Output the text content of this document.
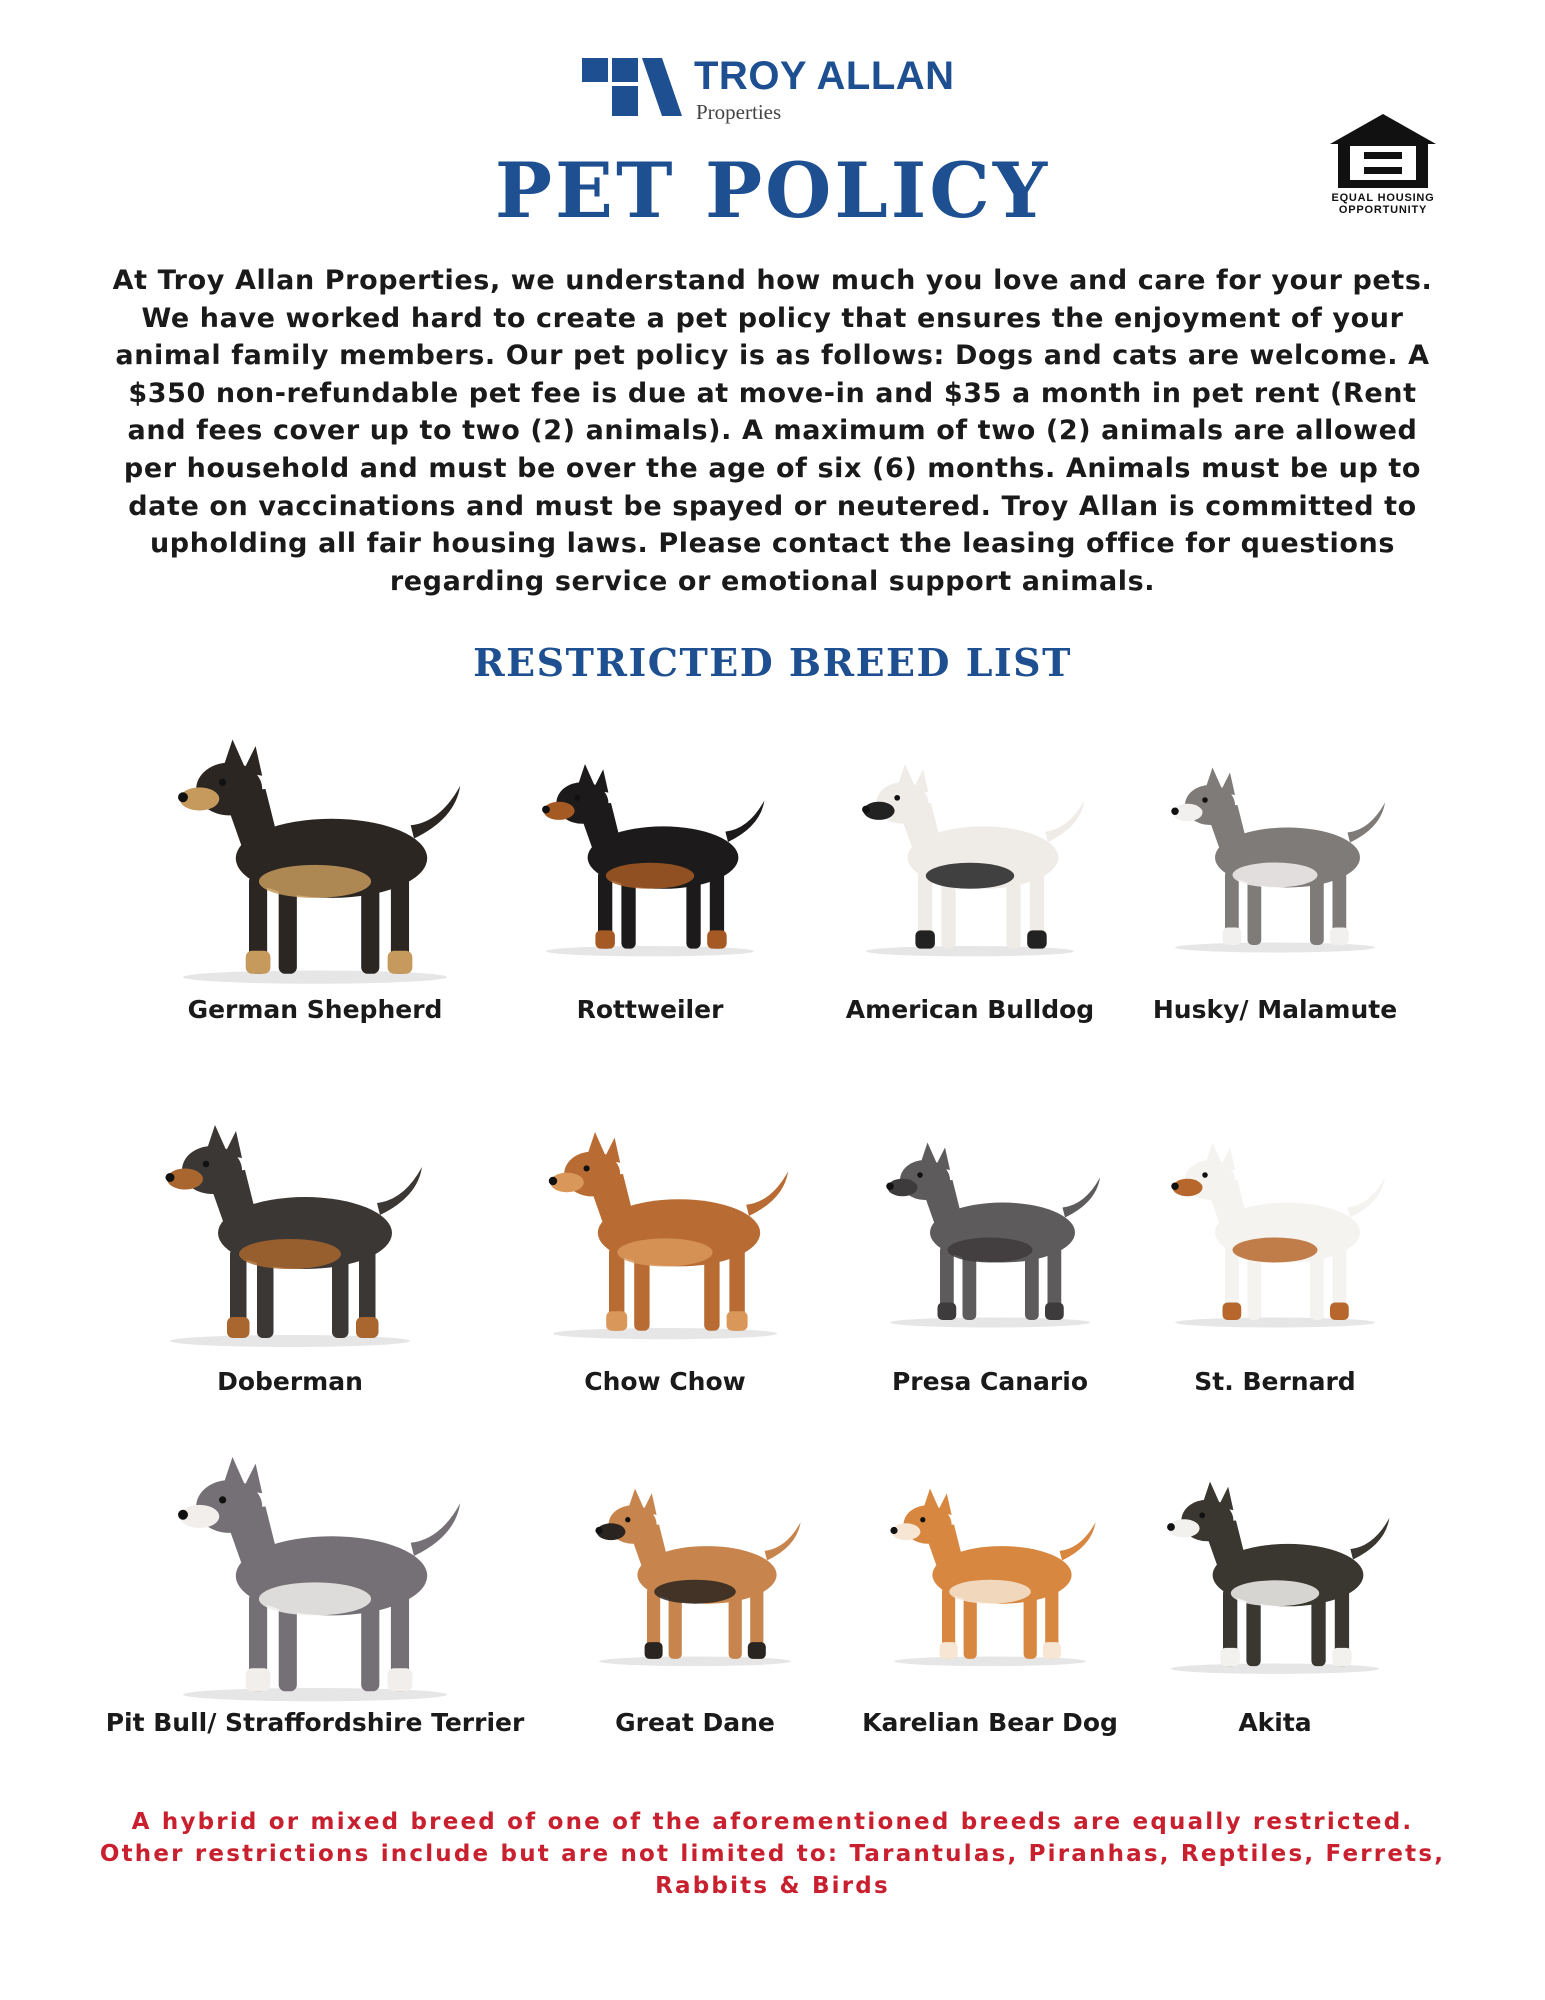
TROY ALLAN
Properties
EQUAL HOUSING OPPORTUNITY
PET POLICY

At Troy Allan Properties, we understand how much you love and care for your pets. We have worked hard to create a pet policy that ensures the enjoyment of your animal family members. Our pet policy is as follows: Dogs and cats are welcome. A $350 non-refundable pet fee is due at move-in and $35 a month in pet rent (Rent and fees cover up to two (2) animals). A maximum of two (2) animals are allowed per household and must be over the age of six (6) months. Animals must be up to date on vaccinations and must be spayed or neutered. Troy Allan is committed to upholding all fair housing laws. Please contact the leasing office for questions regarding service or emotional support animals.

RESTRICTED BREED LIST
German Shepherd	Rottweiler	American Bulldog	Husky/ Malamute
Doberman	Chow Chow	Presa Canario	St. Bernard
Pit Bull/ Straffordshire Terrier	Great Dane	Karelian Bear Dog	Akita
A hybrid or mixed breed of one of the aforementioned breeds are equally restricted.
Other restrictions include but are not limited to: Tarantulas, Piranhas, Reptiles, Ferrets,
Rabbits & Birds
